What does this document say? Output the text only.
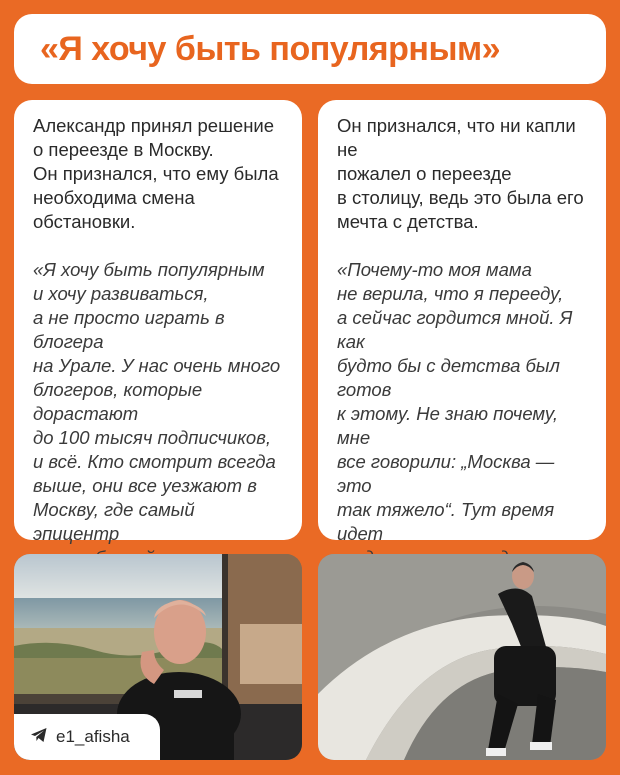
«Я хочу быть популярным»

Александр принял решение
о переезде в Москву.
Он признался, что ему была
необходима смена
обстановки.

«Я хочу быть популярным
и хочу развиваться,
а не просто играть в блогера
на Урале. У нас очень много
блогеров, которые дорастают
до 100 тысяч подписчиков,
и всё. Кто смотрит всегда
выше, они все уезжают в
Москву, где самый эпицентр

Он признался, что ни капли не
пожалел о переезде
в столицу, ведь это была его
мечта с детства.

«Почему-то моя мама
не верила, что я перееду,
а сейчас гордится мной. Я как
будто бы с детства был готов
к этому. Не знаю почему, мне
все говорили: „Москва — это
так тяжело“. Тут время идет

e1_afisha
